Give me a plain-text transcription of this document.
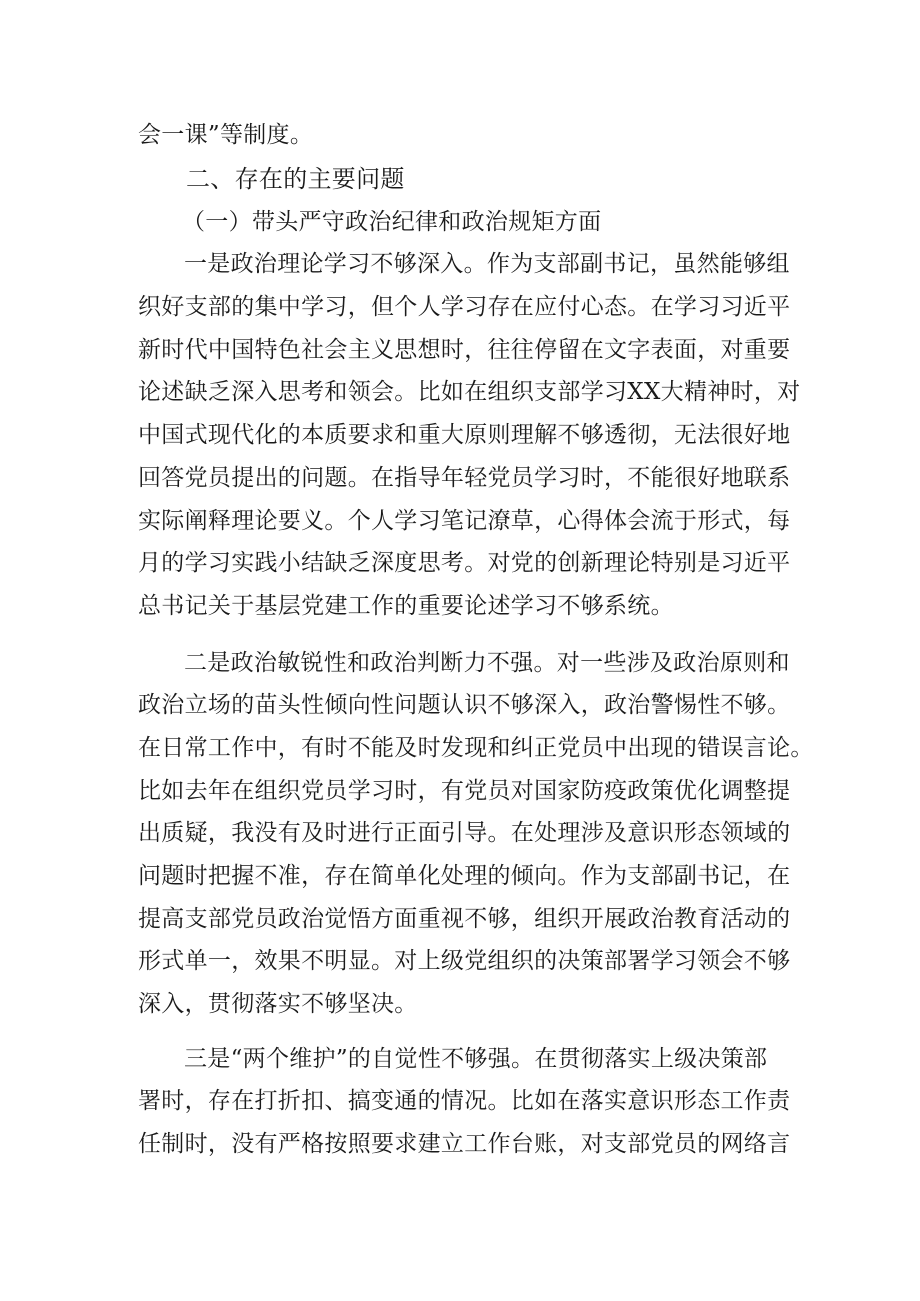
会一课”等制度。
二、存在的主要问题
（一）带头严守政治纪律和政治规矩方面
一是政治理论学习不够深入。作为支部副书记，虽然能够组
织好支部的集中学习，但个人学习存在应付心态。在学习习近平
新时代中国特色社会主义思想时，往往停留在文字表面，对重要
论述缺乏深入思考和领会。比如在组织支部学习XX大精神时，对
中国式现代化的本质要求和重大原则理解不够透彻，无法很好地
回答党员提出的问题。在指导年轻党员学习时，不能很好地联系
实际阐释理论要义。个人学习笔记潦草，心得体会流于形式，每
月的学习实践小结缺乏深度思考。对党的创新理论特别是习近平
总书记关于基层党建工作的重要论述学习不够系统。
二是政治敏锐性和政治判断力不强。对一些涉及政治原则和
政治立场的苗头性倾向性问题认识不够深入，政治警惕性不够。
在日常工作中，有时不能及时发现和纠正党员中出现的错误言论。
比如去年在组织党员学习时，有党员对国家防疫政策优化调整提
出质疑，我没有及时进行正面引导。在处理涉及意识形态领域的
问题时把握不准，存在简单化处理的倾向。作为支部副书记，在
提高支部党员政治觉悟方面重视不够，组织开展政治教育活动的
形式单一，效果不明显。对上级党组织的决策部署学习领会不够
深入，贯彻落实不够坚决。
三是“两个维护”的自觉性不够强。在贯彻落实上级决策部
署时，存在打折扣、搞变通的情况。比如在落实意识形态工作责
任制时，没有严格按照要求建立工作台账，对支部党员的网络言
